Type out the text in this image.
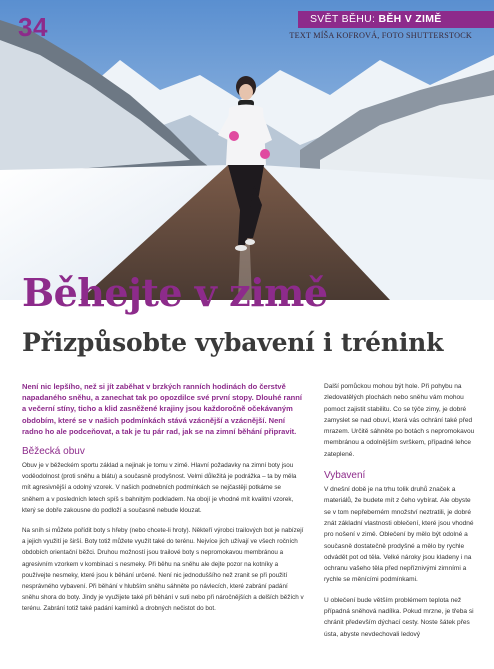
34	SVĚT BĚHU: BĚH V ZIMĚ
TEXT MÍŠA KOFROVÁ, FOTO SHUTTERSTOCK
Běhejte v zimě
Přizpůsobte vybavení i trénink

Není nic lepšího, než si jít zaběhat v brzkých ranních hodinách do čerstvě napadaného sněhu, a zanechat tak po opozdilce své první stopy. Dlouhé ranní a večerní stíny, ticho a klid zasněžené krajiny jsou každoročně očekávaným obdobím, které se v našich podmínkách stává vzácnější a vzácnější. Není radno ho ale podceňovat, a tak je tu pár rad, jak se na zimní běhání připravit.

Běžecká obuv

Obuv je v běžeckém sportu základ a nejinak je tomu v zimě. Hlavní požadavky na zimní boty jsou voděodolnost (proti sněhu a blátu) a současně prodyšnost. Velmi důležitá je podrážka – ta by měla mít agresivnější a odolný vzorek. V našich podnebních podmínkách se nejčastěji potkáme se sněhem a v posledních letech spíš s bahnitým podkladem. Na obojí je vhodné mít kvalitní vzorek, který se dobře zakousne do podloží a současně nebude klouzat.

Na sníh si můžete pořídit boty s hřeby (nebo chcete-li hroty). Někteří výrobci trailových bot je nabízejí a jejich využití je širší. Boty totiž můžete využít také do terénu. Nejvíce jich užívají ve všech ročních obdobích orientační běžci. Druhou možností jsou trailové boty s nepromokavou membránou a agresivním vzorkem v kombinaci s nesmeky. Při běhu na sněhu ale dejte pozor na kotníky a používejte nesmeky, které jsou k běhání určené. Není nic jednoduššího než zranit se při použití nesprávného vybavení. Při běhání v hlubším sněhu sáhněte po návlecích, které zabrání padání sněhu shora do boty. Jindy je využijete také při běhání v suti nebo při náročnějších a delších běžích v terénu. Zabrání totiž také padání kamínků a drobných nečistot do bot.

Další pomůckou mohou být hole. Při pohybu na zledovatělých plochách nebo sněhu vám mohou pomoct zajistit stabilitu. Co se týče zimy, je dobré zamyslet se nad obuví, která vás ochrání také před mrazem. Určitě sáhněte po botách s nepromokavou membránou a odolnějším svrškem, případně lehce zateplené.

Vybavení

V dnešní době je na trhu tolik druhů značek a materiálů, že budete mít z čeho vybírat. Ale obyste se v tom nepřeberném množství neztratili, je dobré znát základní vlastnosti oblečení, které jsou vhodné pro nošení v zimě. Oblečení by mělo být odolné a současně dostatečně prodyšné a mělo by rychle odvádět pot od těla. Velké nároky jsou kladeny i na ochranu vašeho těla před nepříznivými zimními a rychle se měnícími podmínkami.

U oblečení bude větším problémem teplota než případná sněhová nadílka. Pokud mrzne, je třeba si chránit především dýchací cesty. Noste šátek přes ústa, abyste nevdechovali ledový
